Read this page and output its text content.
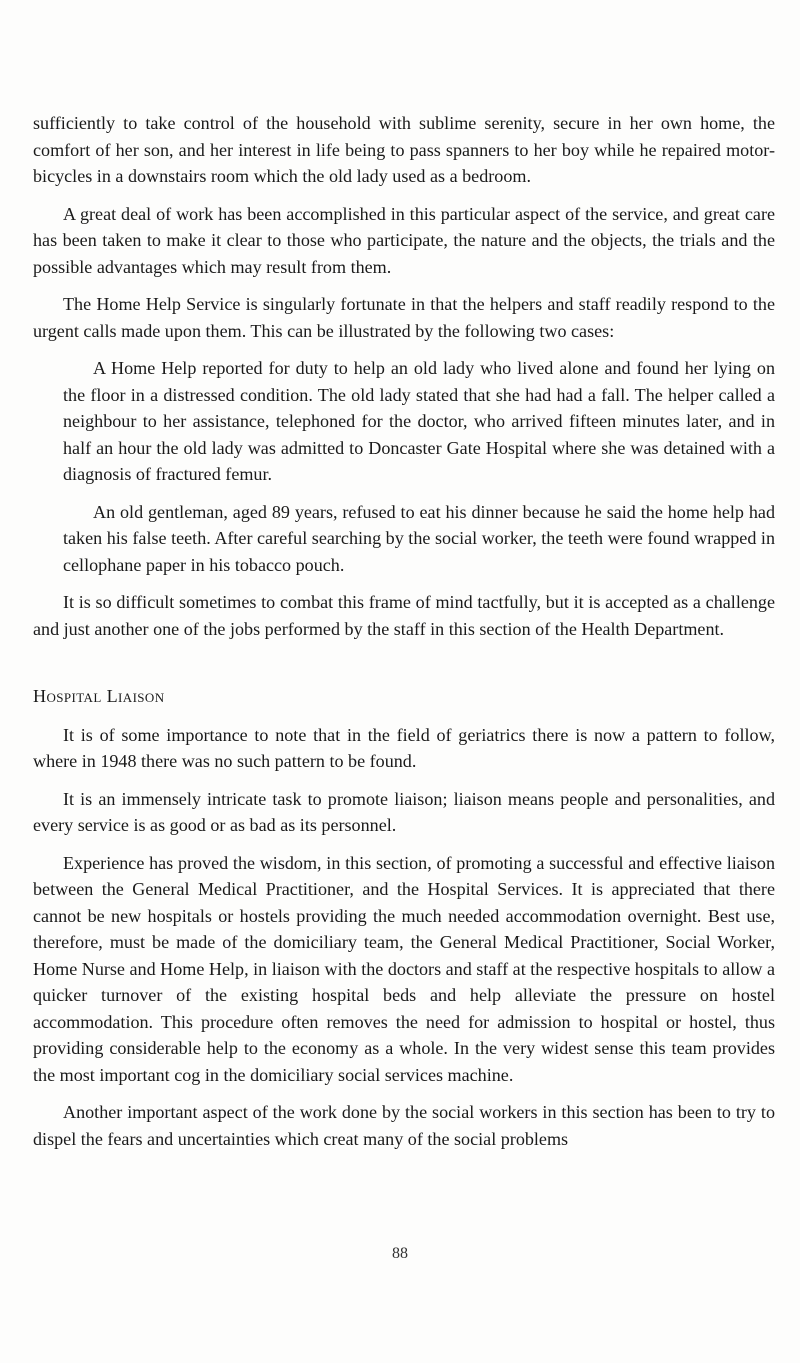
sufficiently to take control of the household with sublime serenity, secure in her own home, the comfort of her son, and her interest in life being to pass spanners to her boy while he repaired motor-bicycles in a downstairs room which the old lady used as a bedroom.

A great deal of work has been accomplished in this particular aspect of the service, and great care has been taken to make it clear to those who participate, the nature and the objects, the trials and the possible advantages which may result from them.

The Home Help Service is singularly fortunate in that the helpers and staff readily respond to the urgent calls made upon them. This can be illustrated by the following two cases:

A Home Help reported for duty to help an old lady who lived alone and found her lying on the floor in a distressed condition. The old lady stated that she had had a fall. The helper called a neighbour to her assistance, telephoned for the doctor, who arrived fifteen minutes later, and in half an hour the old lady was admitted to Doncaster Gate Hospital where she was detained with a diagnosis of fractured femur.

An old gentleman, aged 89 years, refused to eat his dinner because he said the home help had taken his false teeth. After careful searching by the social worker, the teeth were found wrapped in cellophane paper in his tobacco pouch.

It is so difficult sometimes to combat this frame of mind tactfully, but it is accepted as a challenge and just another one of the jobs performed by the staff in this section of the Health Department.

Hospital Liaison

It is of some importance to note that in the field of geriatrics there is now a pattern to follow, where in 1948 there was no such pattern to be found.

It is an immensely intricate task to promote liaison; liaison means people and personalities, and every service is as good or as bad as its personnel.

Experience has proved the wisdom, in this section, of promoting a successful and effective liaison between the General Medical Practitioner, and the Hospital Services. It is appreciated that there cannot be new hospitals or hostels providing the much needed accommodation overnight. Best use, therefore, must be made of the domiciliary team, the General Medical Practitioner, Social Worker, Home Nurse and Home Help, in liaison with the doctors and staff at the respective hospitals to allow a quicker turnover of the existing hospital beds and help alleviate the pressure on hostel accommodation. This procedure often removes the need for admission to hospital or hostel, thus providing considerable help to the economy as a whole. In the very widest sense this team provides the most important cog in the domiciliary social services machine.

Another important aspect of the work done by the social workers in this section has been to try to dispel the fears and uncertainties which creat many of the social problems

88
